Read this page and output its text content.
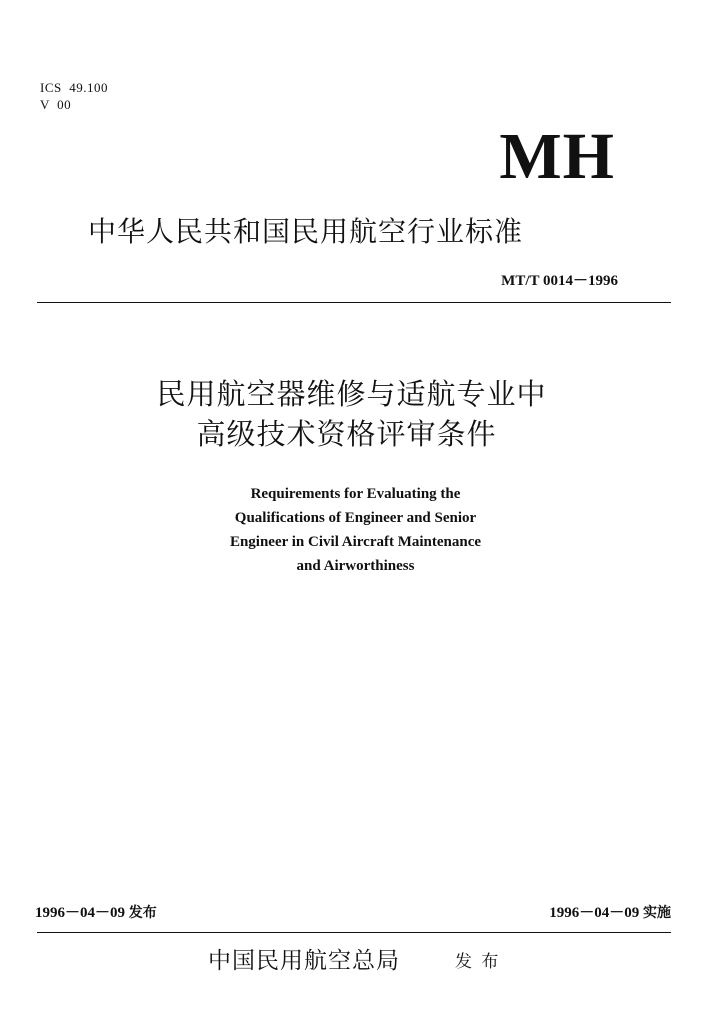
ICS  49.100
V  00
MH
中华人民共和国民用航空行业标准
MT/T 0014－1996
民用航空器维修与适航专业中
高级技术资格评审条件
Requirements for Evaluating the
Qualifications of Engineer and Senior
Engineer in Civil Aircraft Maintenance
and Airworthiness
1996－04－09 发布	1996－04－09 实施
中国民用航空总局	发 布
